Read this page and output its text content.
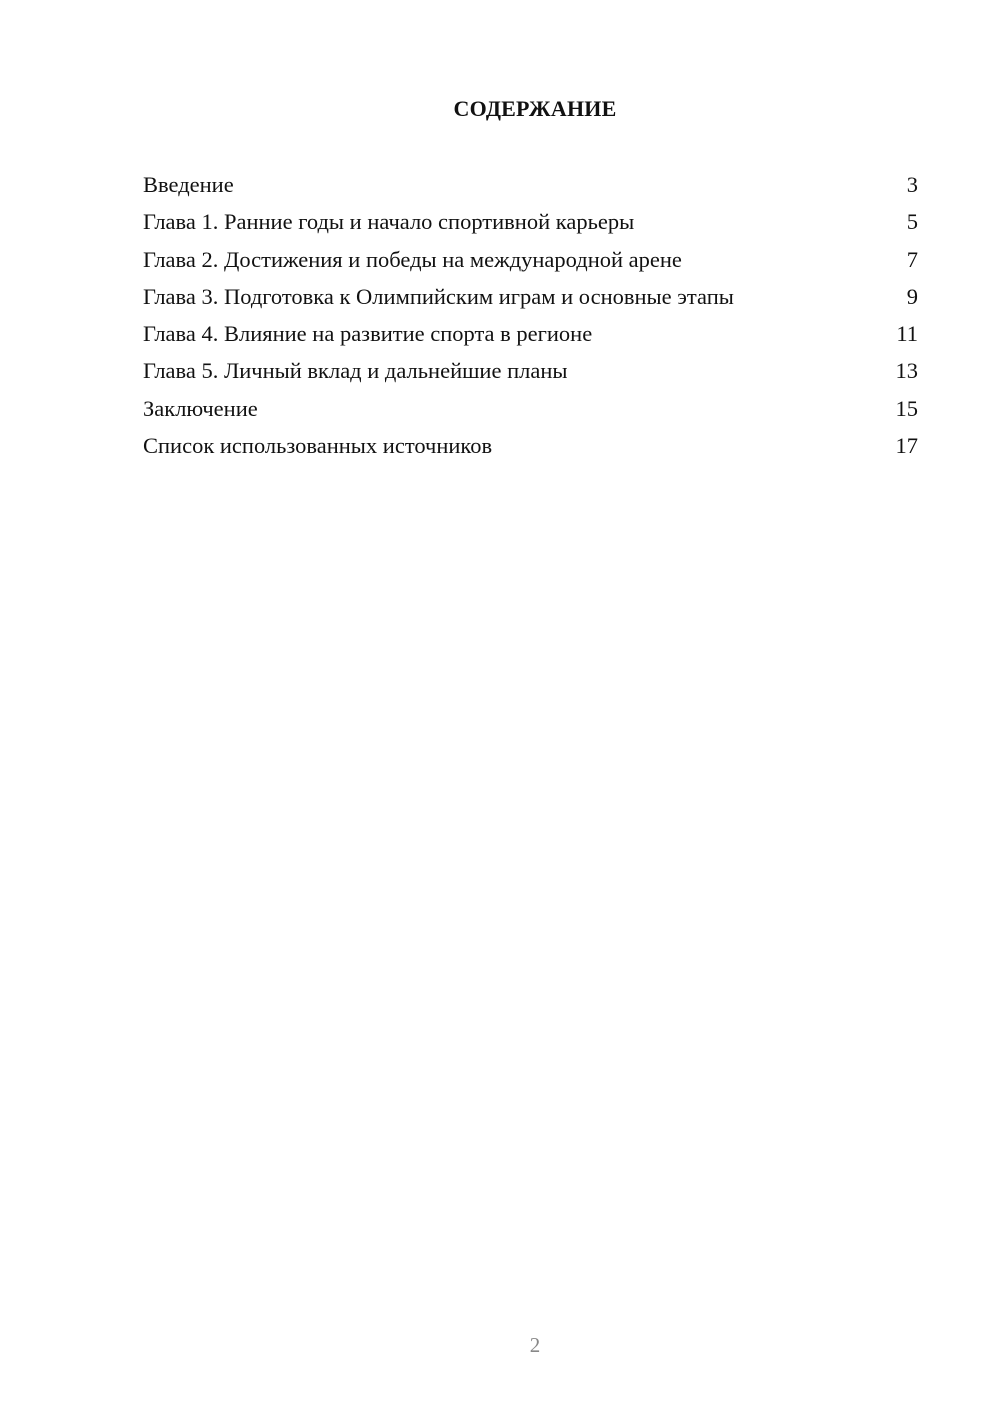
СОДЕРЖАНИЕ
Введение	3
Глава 1. Ранние годы и начало спортивной карьеры	5
Глава 2. Достижения и победы на международной арене	7
Глава 3. Подготовка к Олимпийским играм и основные этапы	9
Глава 4. Влияние на развитие спорта в регионе	11
Глава 5. Личный вклад и дальнейшие планы	13
Заключение	15
Список использованных источников	17
2
